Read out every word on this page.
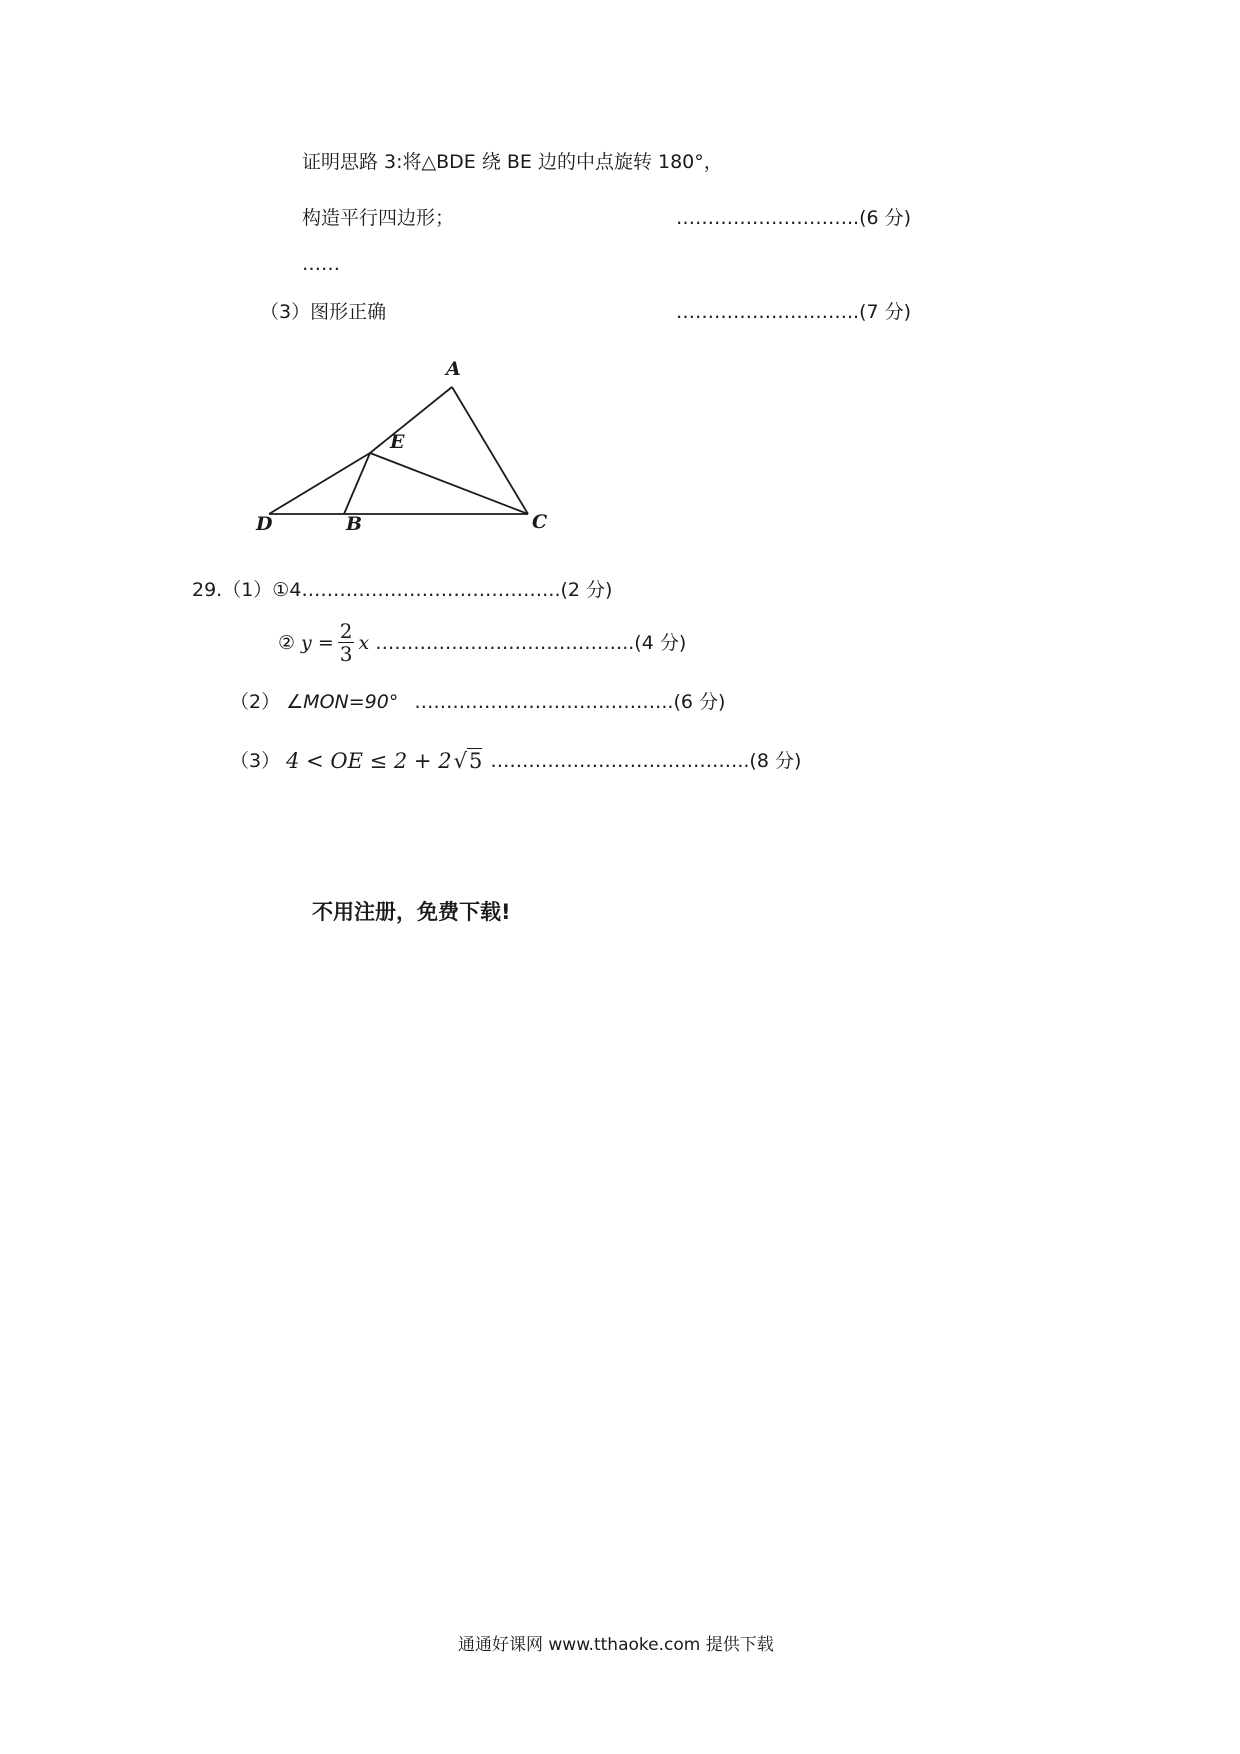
证明思路 3:将△BDE 绕 BE 边的中点旋转 180°，
构造平行四边形；	………………………..(6 分)
……
（3）图形正确	………………………..(7 分)
A
E
D	B	C
29.（1）①4…………………………………..(2 分)
② $y = \frac{2}{3}$ x …………………………………..(4 分)
（2） ∠MON=90° …………………………………..(6 分)
（3） 4 < OE ≤ 2 + 2 √ 5 …………………………………..(8 分)
不用注册，免费下载!
通通好课网 www.tthaoke.com 提供下载
